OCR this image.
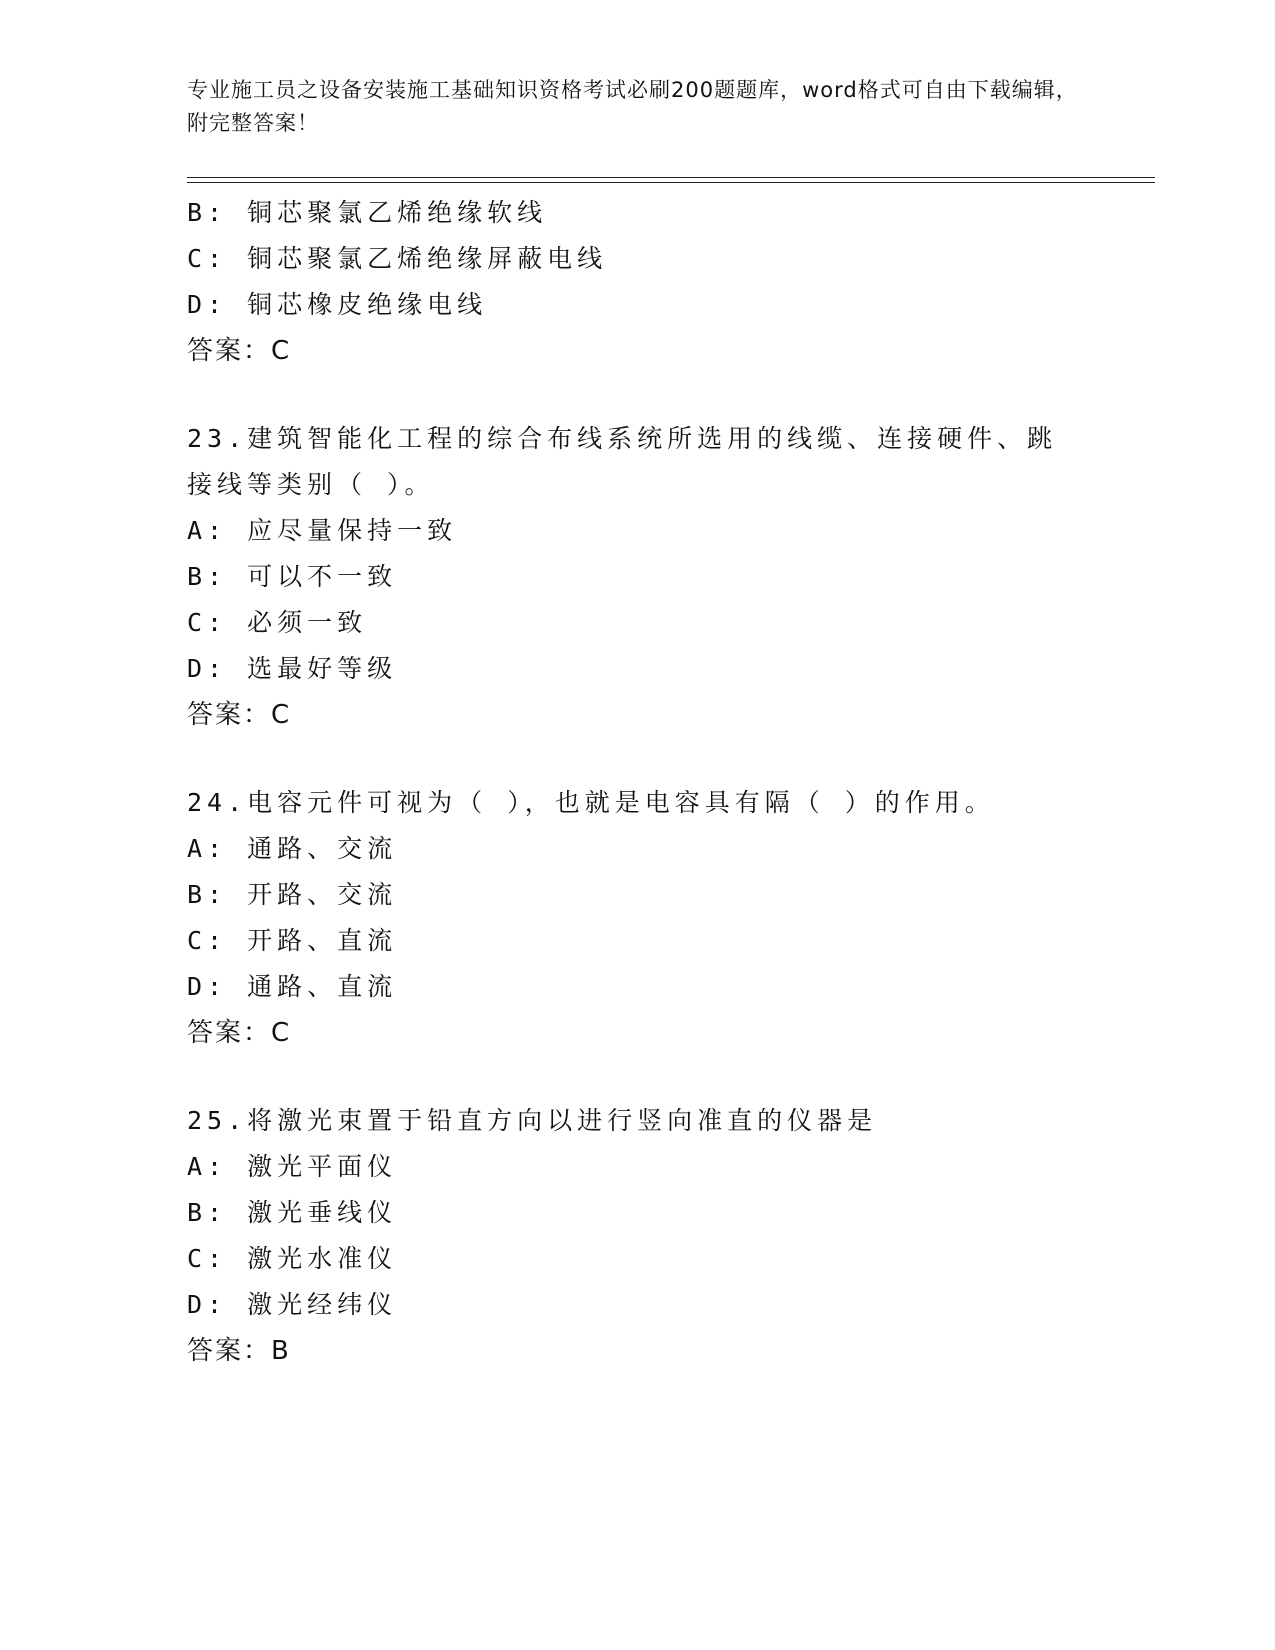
专业施工员之设备安装施工基础知识资格考试必刷200题题库，word格式可自由下载编辑，附完整答案！
B: 铜芯聚氯乙烯绝缘软线
C: 铜芯聚氯乙烯绝缘屏蔽电线
D: 铜芯橡皮绝缘电线
答案：C
23.建筑智能化工程的综合布线系统所选用的线缆、连接硬件、跳接线等类别（ ）。
A: 应尽量保持一致
B: 可以不一致
C: 必须一致
D: 选最好等级
答案：C
24.电容元件可视为（ ），也就是电容具有隔（ ）的作用。
A: 通路、交流
B: 开路、交流
C: 开路、直流
D: 通路、直流
答案：C
25.将激光束置于铅直方向以进行竖向准直的仪器是
A: 激光平面仪
B: 激光垂线仪
C: 激光水准仪
D: 激光经纬仪
答案：B
